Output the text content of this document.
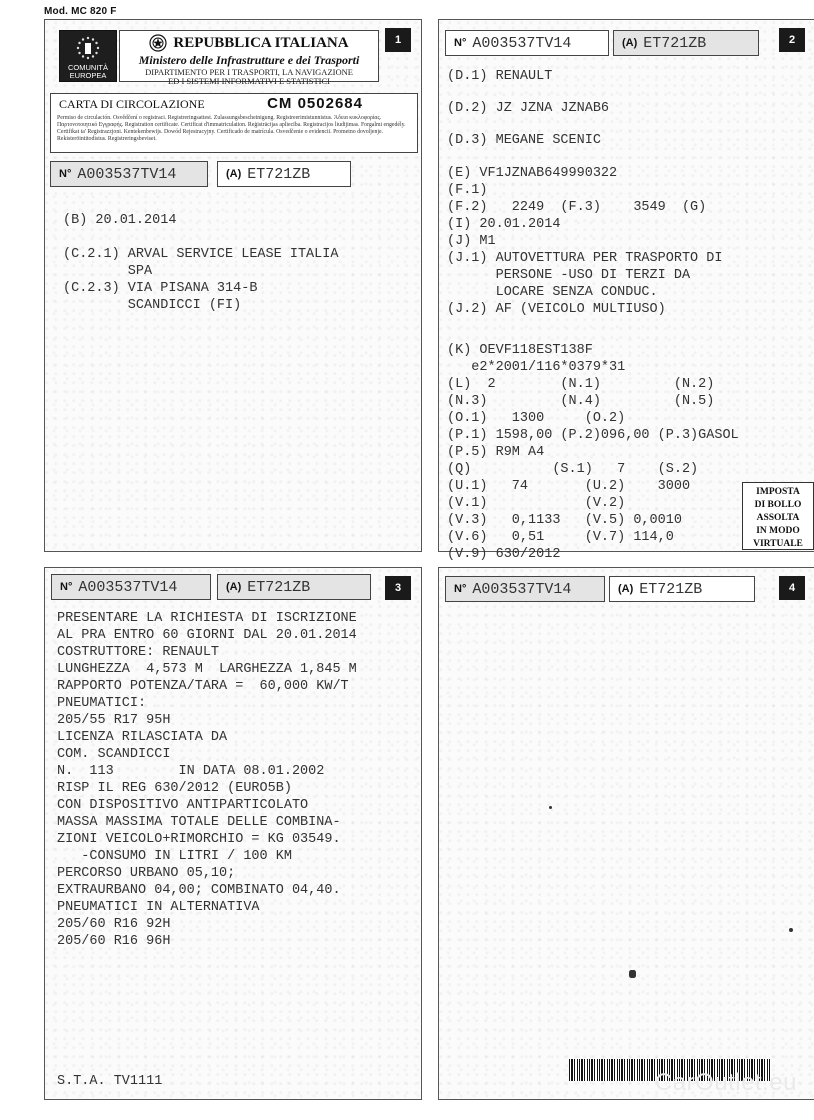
Mod. MC 820 F
COMUNITÀ
EUROPEA
REPUBBLICA ITALIANA
Ministero delle Infrastrutture e dei Trasporti
DIPARTIMENTO PER I TRASPORTI, LA NAVIGAZIONE
ED I SISTEMI INFORMATIVI E STATISTICI
1
CARTA DI CIRCOLAZIONE	CM 0502684
Permiso de circulación. Osvědčení o registraci. Registreringsattest. Zulassungsbescheinigung. Registreerimistunnistus. Άδεια κυκλοφορίας. Παρτονοτοιητικό Εγγραφής. Registration certificate. Certificat d'immatriculation. Reģistrācijas apliecība. Registracijos liudijimas. Forgalmi engedély. Certifikat ta' Registrazzjoni. Kentekenbewijs. Dowód Rejestracyjny. Certificado de matrícula. Osvedčenie o evidencii. Prometno dovoljenje. Rekisteröintitodistus. Registreringsbeviset.
N° A003537TV14	(A) ET721ZB
(B) 20.01.2014
(C.2.1) ARVAL SERVICE LEASE ITALIA
SPA
(C.2.3) VIA PISANA 314-B
SCANDICCI (FI)
N° A003537TV14	(A) ET721ZB	2
(D.1) RENAULT
(D.2) JZ JZNA JZNAB6
(D.3) MEGANE SCENIC
(E) VF1JZNAB649990322
(F.1)
(F.2)   2249  (F.3)    3549  (G)
(I) 20.01.2014
(J) M1
(J.1) AUTOVETTURA PER TRASPORTO DI
PERSONE -USO DI TERZI DA
LOCARE SENZA CONDUC.
(J.2) AF (VEICOLO MULTIUSO)
(K) OEVF118EST138F
e2*2001/116*0379*31
(L)  2        (N.1)         (N.2)
(N.3)         (N.4)         (N.5)
(O.1)   1300     (O.2)
(P.1) 1598,00 (P.2)096,00 (P.3)GASOL
(P.5) R9M A4
(Q)          (S.1)   7    (S.2)
(U.1)   74       (U.2)    3000
(V.1)            (V.2)
(V.3)   0,1133   (V.5) 0,0010
(V.6)   0,51     (V.7) 114,0
(V.9) 630/2012
IMPOSTA
DI BOLLO
ASSOLTA
IN MODO
VIRTUALE
N° A003537TV14	(A) ET721ZB	3
PRESENTARE LA RICHIESTA DI ISCRIZIONE
AL PRA ENTRO 60 GIORNI DAL 20.01.2014
COSTRUTTORE: RENAULT
LUNGHEZZA  4,573 M  LARGHEZZA 1,845 M
RAPPORTO POTENZA/TARA =  60,000 KW/T
PNEUMATICI:
205/55 R17 95H
LICENZA RILASCIATA DA
COM. SCANDICCI
N.  113        IN DATA 08.01.2002
RISP IL REG 630/2012 (EURO5B)
CON DISPOSITIVO ANTIPARTICOLATO
MASSA MASSIMA TOTALE DELLE COMBINA-
ZIONI VEICOLO+RIMORCHIO = KG 03549.
-CONSUMO IN LITRI / 100 KM
PERCORSO URBANO 05,10;
EXTRAURBANO 04,00; COMBINATO 04,40.
PNEUMATICI IN ALTERNATIVA
205/60 R16 92H
205/60 R16 96H
S.T.A. TV1111
N° A003537TV14	(A) ET721ZB	4
CarOutlet.eu
